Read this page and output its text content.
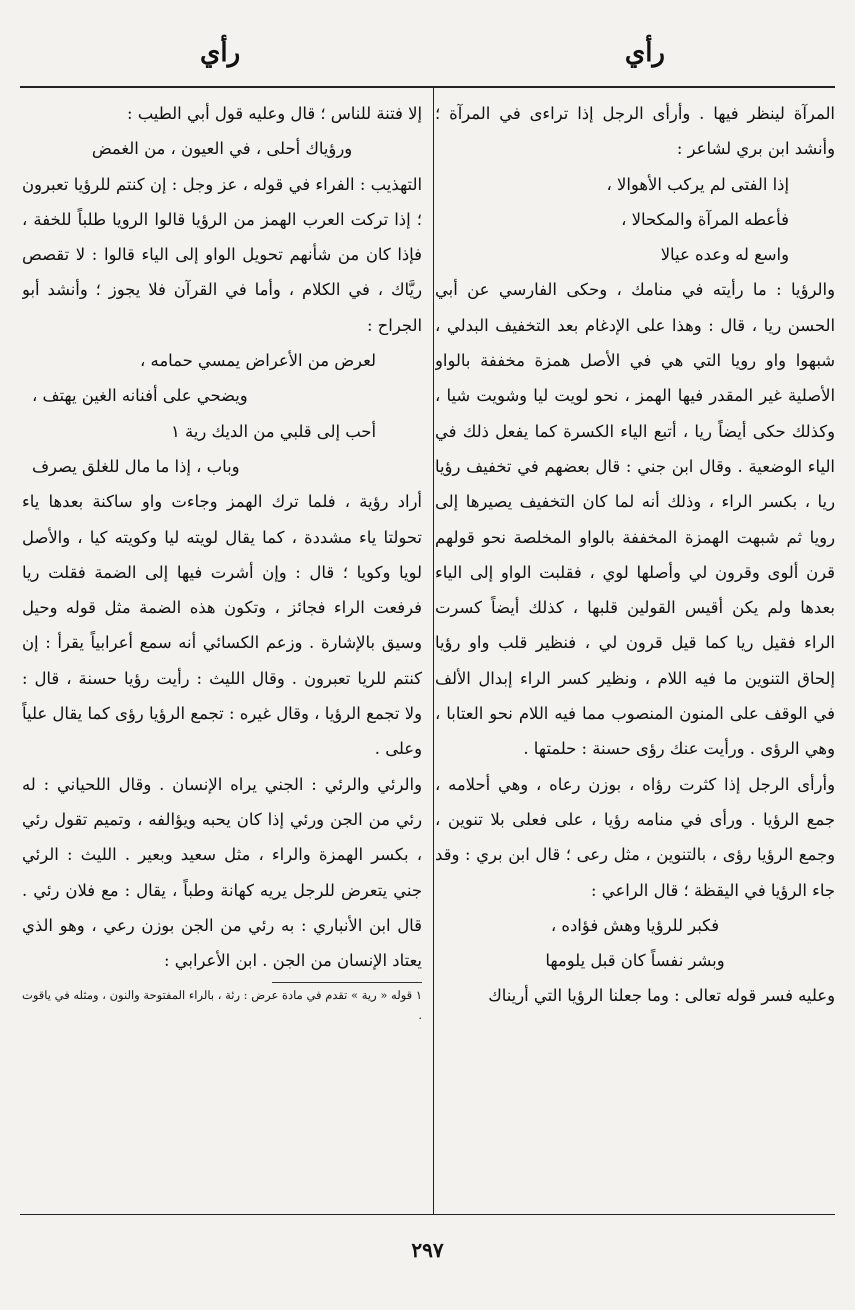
رأي
رأي

المرآة لينظر فيها . وأرأى الرجل إذا تراءى في المرآة ؛ وأنشد ابن بري لشاعر :

إذا الفتى لم يركب الأهوالا ،

فأعطه المرآة والمكحالا ،

واسع له وعده عيالا

والرؤيا : ما رأيته في منامك ، وحكى الفارسي عن أبي الحسن ريا ، قال : وهذا على الإدغام بعد التخفيف البدلي ، شبهوا واو رويا التي هي في الأصل همزة مخففة بالواو الأصلية غير المقدر فيها الهمز ، نحو لويت ليا وشويت شيا ، وكذلك حكى أيضاً ريا ، أتبع الياء الكسرة كما يفعل ذلك في الياء الوضعية . وقال ابن جني : قال بعضهم في تخفيف رؤيا ريا ، بكسر الراء ، وذلك أنه لما كان التخفيف يصيرها إلى رويا ثم شبهت الهمزة المخففة بالواو المخلصة نحو قولهم قرن ألوى وقرون لي وأصلها لوي ، فقلبت الواو إلى الياء بعدها ولم يكن أقيس القولين قلبها ، كذلك أيضاً كسرت الراء فقيل ريا كما قيل قرون لي ، فنظير قلب واو رؤيا إلحاق التنوين ما فيه اللام ، ونظير كسر الراء إبدال الألف في الوقف على المنون المنصوب مما فيه اللام نحو العتابا ، وهي الرؤى . ورأيت عنك رؤى حسنة : حلمتها .

وأرأى الرجل إذا كثرت رؤاه ، بوزن رعاه ، وهي أحلامه ، جمع الرؤيا . ورأى في منامه رؤيا ، على فعلى بلا تنوين ، وجمع الرؤيا رؤى ، بالتنوين ، مثل رعى ؛ قال ابن بري : وقد جاء الرؤيا في اليقظة ؛ قال الراعي :

فكبر للرؤيا وهش فؤاده ،

وبشر نفساً كان قبل يلومها

وعليه فسر قوله تعالى : وما جعلنا الرؤيا التي أريناك

إلا فتنة للناس ؛ قال وعليه قول أبي الطيب :

ورؤياك أحلى ، في العيون ، من الغمض

التهذيب : الفراء في قوله ، عز وجل : إن كنتم للرؤيا تعبرون ؛ إذا تركت العرب الهمز من الرؤيا قالوا الرويا طلباً للخفة ، فإذا كان من شأنهم تحويل الواو إلى الياء قالوا : لا تقصص ريَّاك ، في الكلام ، وأما في القرآن فلا يجوز ؛ وأنشد أبو الجراح :

لعرض من الأعراض يمسي حمامه ،

ويضحي على أفنانه الغين يهتف ،

أحب إلى قلبي من الديك رية ١

وباب ، إذا ما مال للغلق يصرف

أراد رؤية ، فلما ترك الهمز وجاءت واو ساكنة بعدها ياء تحولتا ياء مشددة ، كما يقال لويته ليا وكويته كيا ، والأصل لويا وكويا ؛ قال : وإن أشرت فيها إلى الضمة فقلت ريا فرفعت الراء فجائز ، وتكون هذه الضمة مثل قوله وحيل وسيق بالإشارة . وزعم الكسائي أنه سمع أعرابياً يقرأ : إن كنتم للريا تعبرون . وقال الليث : رأيت رؤيا حسنة ، قال : ولا تجمع الرؤيا ، وقال غيره : تجمع الرؤيا رؤى كما يقال علياً وعلى .

والرئي والرئي : الجني يراه الإنسان . وقال اللحياني : له رئي من الجن ورئي إذا كان يحبه ويؤالفه ، وتميم تقول رئي ، بكسر الهمزة والراء ، مثل سعيد وبعير . الليث : الرئي جني يتعرض للرجل يريه كهانة وطباً ، يقال : مع فلان رئي . قال ابن الأنباري : به رئي من الجن بوزن رعي ، وهو الذي يعتاد الإنسان من الجن . ابن الأعرابي :

١ قوله « رية » تقدم في مادة عرض : رئة ، بالراء المفتوحة والنون ، ومثله في ياقوت .

٢٩٧
